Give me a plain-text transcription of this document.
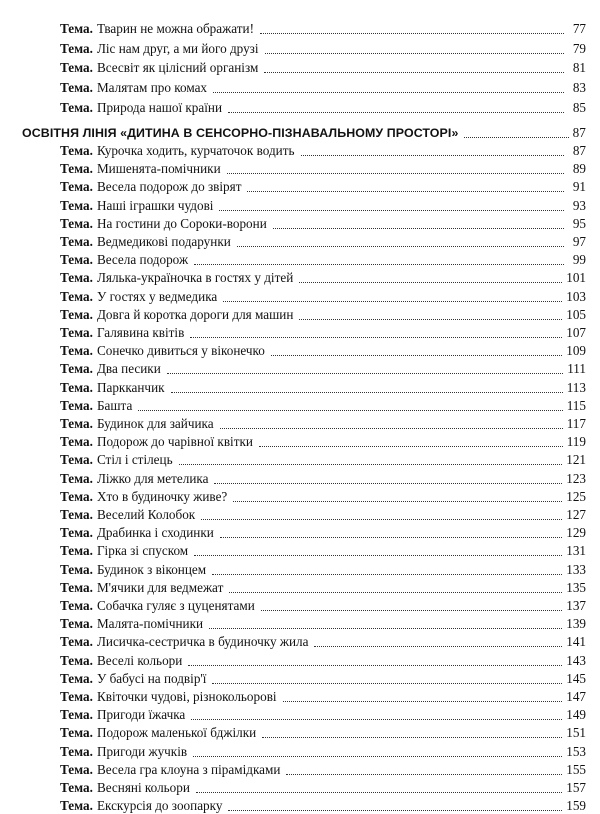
Тема. Тварин не можна ображати!	77
Тема. Ліс нам друг, а ми його друзі	79
Тема. Всесвіт як цілісний організм	81
Тема. Малятам про комах	83
Тема. Природа нашої країни	85
ОСВІТНЯ ЛІНІЯ «ДИТИНА В СЕНСОРНО-ПІЗНАВАЛЬНОМУ ПРОСТОРІ»	87
Тема. Курочка ходить, курчаточок водить	87
Тема. Мишенята-помічники	89
Тема. Весела подорож до звірят	91
Тема. Наші іграшки чудові	93
Тема. На гостини до Сороки-ворони	95
Тема. Ведмедикові подарунки	97
Тема. Весела подорож	99
Тема. Лялька-україночка в гостях у дітей	101
Тема. У гостях у ведмедика	103
Тема. Довга й коротка дороги для машин	105
Тема. Галявина квітів	107
Тема. Сонечко дивиться у віконечко	109
Тема. Два песики	111
Тема. Паркканчик	113
Тема. Башта	115
Тема. Будинок для зайчика	117
Тема. Подорож до чарівної квітки	119
Тема. Стіл і стілець	121
Тема. Ліжко для метелика	123
Тема. Хто в будиночку живе?	125
Тема. Веселий Колобок	127
Тема. Драбинка і сходинки	129
Тема. Гірка зі спуском	131
Тема. Будинок з віконцем	133
Тема. М'ячики для ведмежат	135
Тема. Собачка гуляє з цуценятами	137
Тема. Малята-помічники	139
Тема. Лисичка-сестричка в будиночку жила	141
Тема. Веселі кольори	143
Тема. У бабусі на подвір'ї	145
Тема. Квіточки чудові, різнокольорові	147
Тема. Пригоди їжачка	149
Тема. Подорож маленької бджілки	151
Тема. Пригоди жучків	153
Тема. Весела гра клоуна з пірамідками	155
Тема. Весняні кольори	157
Тема. Екскурсія до зоопарку	159
